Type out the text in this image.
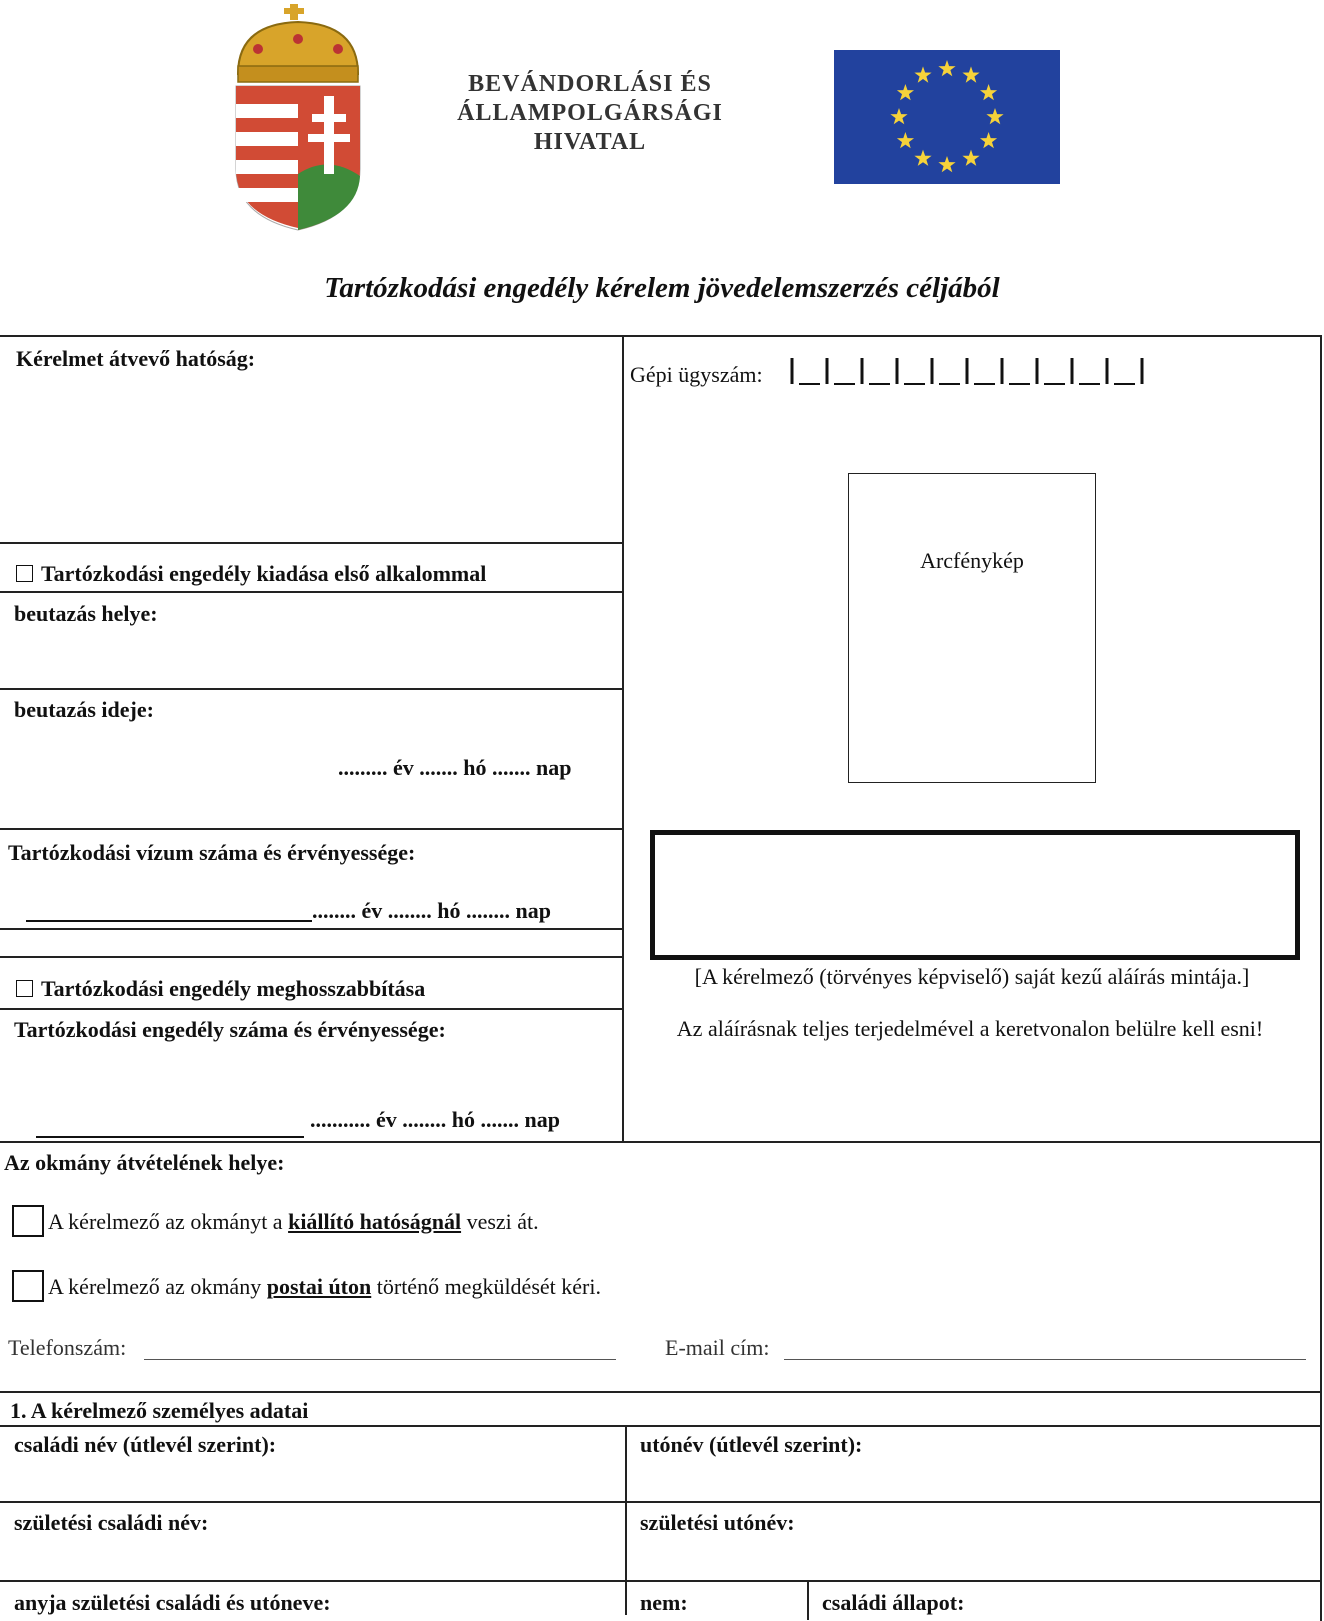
BEVÁNDORLÁSI ÉS
ÁLLAMPOLGÁRSÁGI
HIVATAL
Tartózkodási engedély kérelem jövedelemszerzés céljából
Kérelmet átvevő hatóság:
Tartózkodási engedély kiadása első alkalommal
beutazás helye:
beutazás ideje:
......... év ....... hó ....... nap
Tartózkodási vízum száma és érvényessége:
........ év ........ hó ........ nap
Tartózkodási engedély meghosszabbítása
Tartózkodási engedély száma és érvényessége:
........... év ........ hó ....... nap
Gépi ügyszám:
Arcfénykép
[A kérelmező (törvényes képviselő) saját kezű aláírás mintája.]
Az aláírásnak teljes terjedelmével a keretvonalon belülre kell esni!
Az okmány átvételének helye:
A kérelmező az okmányt a kiállító hatóságnál veszi át.
A kérelmező az okmány postai úton történő megküldését kéri.
Telefonszám:	E-mail cím:
1. A kérelmező személyes adatai
családi név (útlevél szerint):	utónév (útlevél szerint):
születési családi név:	születési utónév:
anyja születési családi és utóneve:	nem:	családi állapot:
